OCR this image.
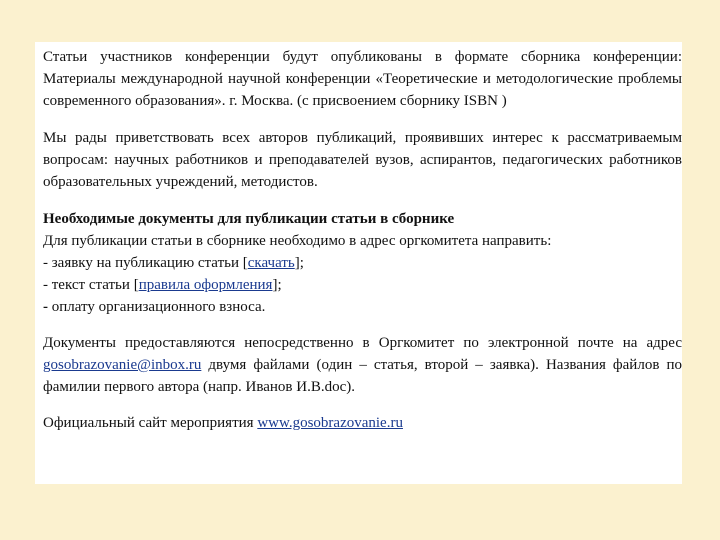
Статьи участников конференции будут опубликованы в формате сборника конференции: Материалы международной научной конференции «Теоретические и методологические проблемы современного образования». г. Москва. (с присвоением сборнику ISBN )

Мы рады приветствовать всех авторов публикаций, проявивших интерес к рассматриваемым вопросам: научных работников и преподавателей вузов, аспирантов, педагогических работников образовательных учреждений, методистов.

Необходимые документы для публикации статьи в сборнике
Для публикации статьи в сборнике необходимо в адрес оргкомитета направить:
- заявку на публикацию статьи [скачать];
- текст статьи [правила оформления];
- оплату организационного взноса.

Документы предоставляются непосредственно в Оргкомитет по электронной почте на адрес gosobrazovanie@inbox.ru двумя файлами (один – статья, второй – заявка). Названия файлов по фамилии первого автора (напр. Иванов И.В.doc).

Официальный сайт мероприятия www.gosobrazovanie.ru
